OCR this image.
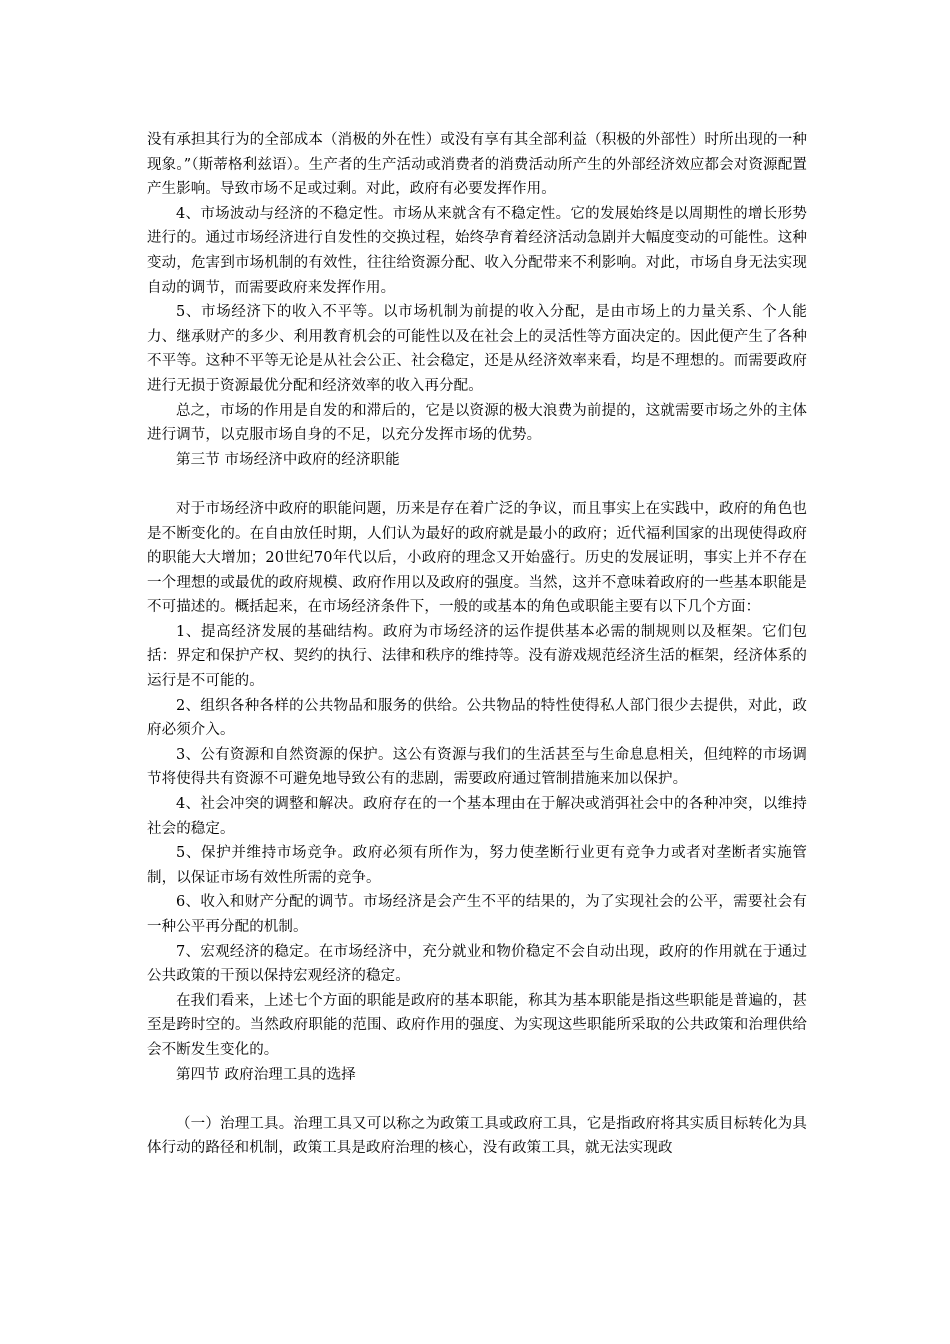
没有承担其行为的全部成本（消极的外在性）或没有享有其全部利益（积极的外部性）时所出现的一种现象。”（斯蒂格利兹语）。生产者的生产活动或消费者的消费活动所产生的外部经济效应都会对资源配置产生影响。导致市场不足或过剩。对此，政府有必要发挥作用。

4、市场波动与经济的不稳定性。市场从来就含有不稳定性。它的发展始终是以周期性的增长形势进行的。通过市场经济进行自发性的交换过程，始终孕育着经济活动急剧并大幅度变动的可能性。这种变动，危害到市场机制的有效性，往往给资源分配、收入分配带来不利影响。对此，市场自身无法实现自动的调节，而需要政府来发挥作用。

5、市场经济下的收入不平等。以市场机制为前提的收入分配，是由市场上的力量关系、个人能力、继承财产的多少、利用教育机会的可能性以及在社会上的灵活性等方面决定的。因此便产生了各种不平等。这种不平等无论是从社会公正、社会稳定，还是从经济效率来看，均是不理想的。而需要政府进行无损于资源最优分配和经济效率的收入再分配。

总之，市场的作用是自发的和滞后的，它是以资源的极大浪费为前提的，这就需要市场之外的主体进行调节，以克服市场自身的不足，以充分发挥市场的优势。

第三节 市场经济中政府的经济职能

对于市场经济中政府的职能问题，历来是存在着广泛的争议，而且事实上在实践中，政府的角色也是不断变化的。在自由放任时期，人们认为最好的政府就是最小的政府；近代福利国家的出现使得政府的职能大大增加；20世纪70年代以后，小政府的理念又开始盛行。历史的发展证明，事实上并不存在一个理想的或最优的政府规模、政府作用以及政府的强度。当然，这并不意味着政府的一些基本职能是不可描述的。概括起来，在市场经济条件下，一般的或基本的角色或职能主要有以下几个方面：

1、提高经济发展的基础结构。政府为市场经济的运作提供基本必需的制规则以及框架。它们包括：界定和保护产权、契约的执行、法律和秩序的维持等。没有游戏规范经济生活的框架，经济体系的运行是不可能的。

2、组织各种各样的公共物品和服务的供给。公共物品的特性使得私人部门很少去提供，对此，政府必须介入。

3、公有资源和自然资源的保护。这公有资源与我们的生活甚至与生命息息相关，但纯粹的市场调节将使得共有资源不可避免地导致公有的悲剧，需要政府通过管制措施来加以保护。

4、社会冲突的调整和解决。政府存在的一个基本理由在于解决或消弭社会中的各种冲突，以维持社会的稳定。

5、保护并维持市场竞争。政府必须有所作为，努力使垄断行业更有竞争力或者对垄断者实施管制，以保证市场有效性所需的竞争。

6、收入和财产分配的调节。市场经济是会产生不平的结果的，为了实现社会的公平，需要社会有一种公平再分配的机制。

7、宏观经济的稳定。在市场经济中，充分就业和物价稳定不会自动出现，政府的作用就在于通过公共政策的干预以保持宏观经济的稳定。

在我们看来，上述七个方面的职能是政府的基本职能，称其为基本职能是指这些职能是普遍的，甚至是跨时空的。当然政府职能的范围、政府作用的强度、为实现这些职能所采取的公共政策和治理供给会不断发生变化的。

第四节 政府治理工具的选择

（一）治理工具。治理工具又可以称之为政策工具或政府工具，它是指政府将其实质目标转化为具体行动的路径和机制，政策工具是政府治理的核心，没有政策工具，就无法实现政
